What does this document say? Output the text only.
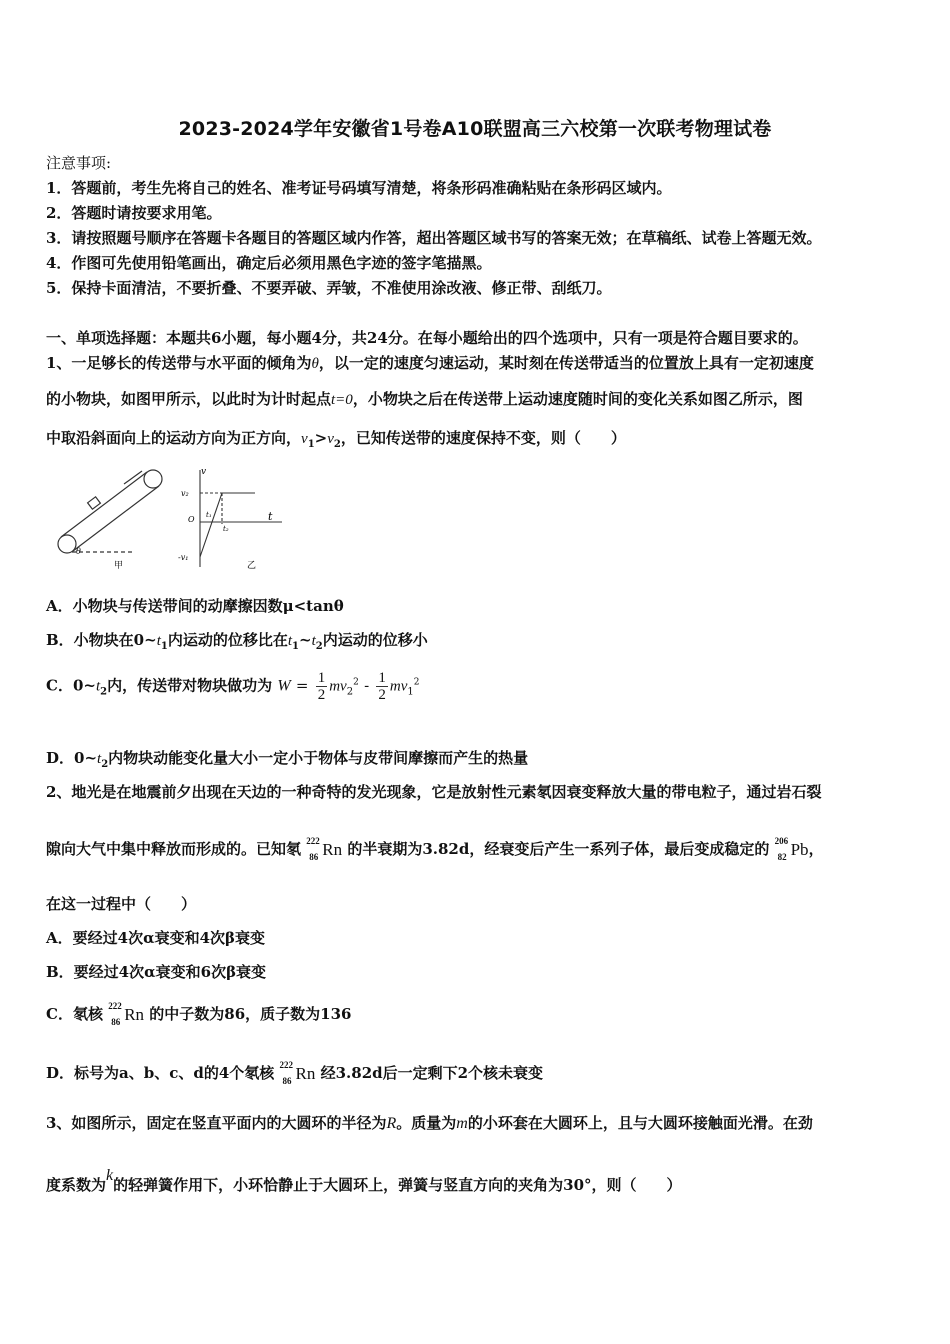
2023-2024学年安徽省1号卷A10联盟高三六校第一次联考物理试卷
注意事项:
1．答题前，考生先将自己的姓名、准考证号码填写清楚，将条形码准确粘贴在条形码区域内。
2．答题时请按要求用笔。
3．请按照题号顺序在答题卡各题目的答题区域内作答，超出答题区域书写的答案无效；在草稿纸、试卷上答题无效。
4．作图可先使用铅笔画出，确定后必须用黑色字迹的签字笔描黑。
5．保持卡面清洁，不要折叠、不要弄破、弄皱，不准使用涂改液、修正带、刮纸刀。
一、单项选择题：本题共6小题，每小题4分，共24分。在每小题给出的四个选项中，只有一项是符合题目要求的。
1、一足够长的传送带与水平面的倾角为θ，以一定的速度匀速运动，某时刻在传送带适当的位置放上具有一定初速度
的小物块，如图甲所示，以此时为计时起点t=0，小物块之后在传送带上运动速度随时间的变化关系如图乙所示，图
中取沿斜面向上的运动方向为正方向，$v_1>v_2$，已知传送带的速度保持不变，则（　　）
θ
甲
v
v₂
O
-v₁
t₁
t₂
t
乙
A．小物块与传送带间的动摩擦因数μ<tanθ
B．小物块在$0\sim t_1$内运动的位移比在$t_1\sim t_2$内运动的位移小
C．$0\sim t_2$内，传送带对物块做功为 $W = \frac{1}{2} mv_2^2 - \frac{1}{2} mv_1^2$
D．$0\sim t_2$内物块动能变化量大小一定小于物体与皮带间摩擦而产生的热量
2、地光是在地震前夕出现在天边的一种奇特的发光现象，它是放射性元素氡因衰变释放大量的带电粒子，通过岩石裂
隙向大气中集中释放而形成的。已知氡 222
86 Rn 的半衰期为3.82d，经衰变后产生一系列子体，最后变成稳定的 206
82 Pb，
在这一过程中（　　）
A．要经过4次α衰变和4次β衰变
B．要经过4次α衰变和6次β衰变
C．氡核 222
86 Rn 的中子数为86，质子数为136
D．标号为a、b、c、d的4个氡核 222
86 Rn 经3.82d后一定剩下2个核未衰变
3、如图所示，固定在竖直平面内的大圆环的半径为R。质量为m的小环套在大圆环上，且与大圆环接触面光滑。在劲
度系数为k的轻弹簧作用下，小环恰静止于大圆环上，弹簧与竖直方向的夹角为30°，则（　　）
